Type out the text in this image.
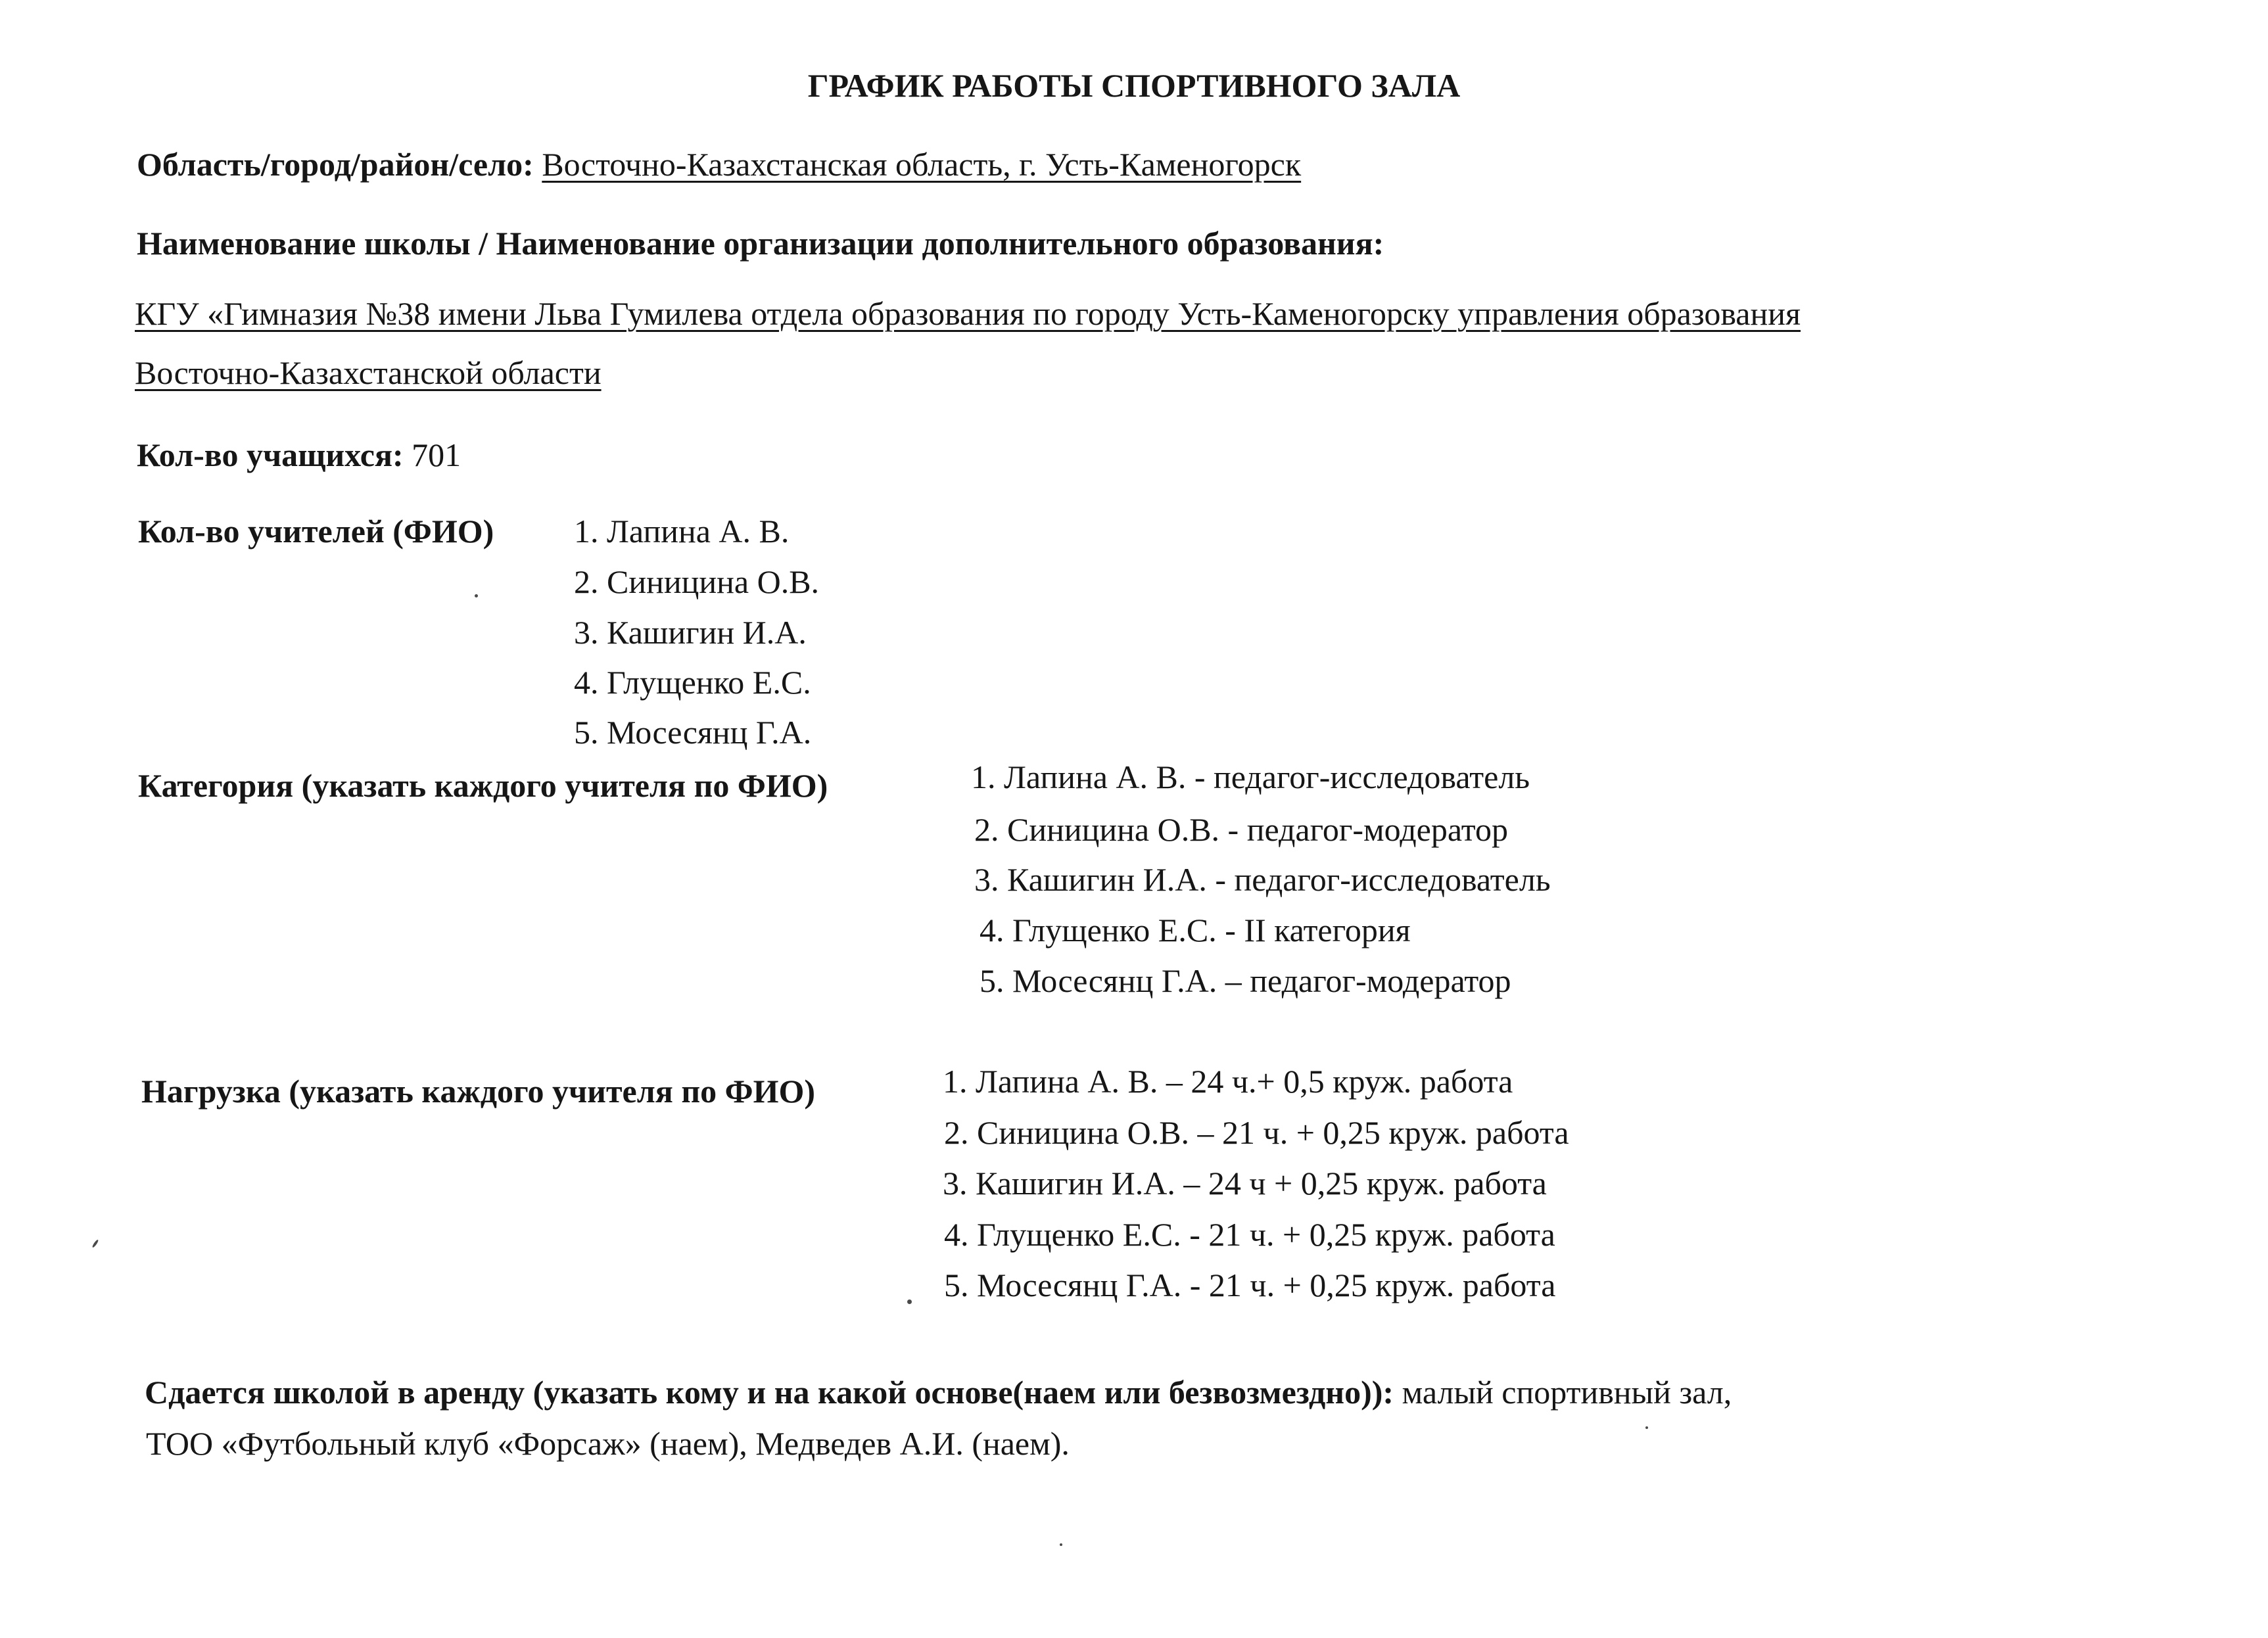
ГРАФИК РАБОТЫ СПОРТИВНОГО ЗАЛА
Область/город/район/село: Восточно-Казахстанская область, г. Усть-Каменогорск
Наименование школы / Наименование организации дополнительного образования:
КГУ «Гимназия №38 имени Льва Гумилева отдела образования по городу Усть-Каменогорску управления образования
Восточно-Казахстанской области
Кол-во учащихся: 701
Кол-во учителей (ФИО) 1. Лапина А. В.
2. Синицина О.В.
3. Кашигин И.А.
4. Глущенко Е.С.
5. Мосесянц Г.А.
Категория (указать каждого учителя по ФИО)	1. Лапина А. В. - педагог-исследователь
2. Синицина О.В. - педагог-модератор
3. Кашигин И.А. - педагог-исследователь
4. Глущенко Е.С. - II категория
5. Мосесянц Г.А. – педагог-модератор
Нагрузка (указать каждого учителя по ФИО)	1. Лапина А. В. – 24 ч.+ 0,5 круж. работа
2. Синицина О.В. – 21 ч. + 0,25 круж. работа
3. Кашигин И.А. – 24 ч + 0,25 круж. работа
4. Глущенко Е.С. - 21 ч. + 0,25 круж. работа
5. Мосесянц Г.А. - 21 ч. + 0,25 круж. работа
Сдается школой в аренду (указать кому и на какой основе(наем или безвозмездно)): малый спортивный зал,
ТОО «Футбольный клуб «Форсаж» (наем), Медведев А.И. (наем).
